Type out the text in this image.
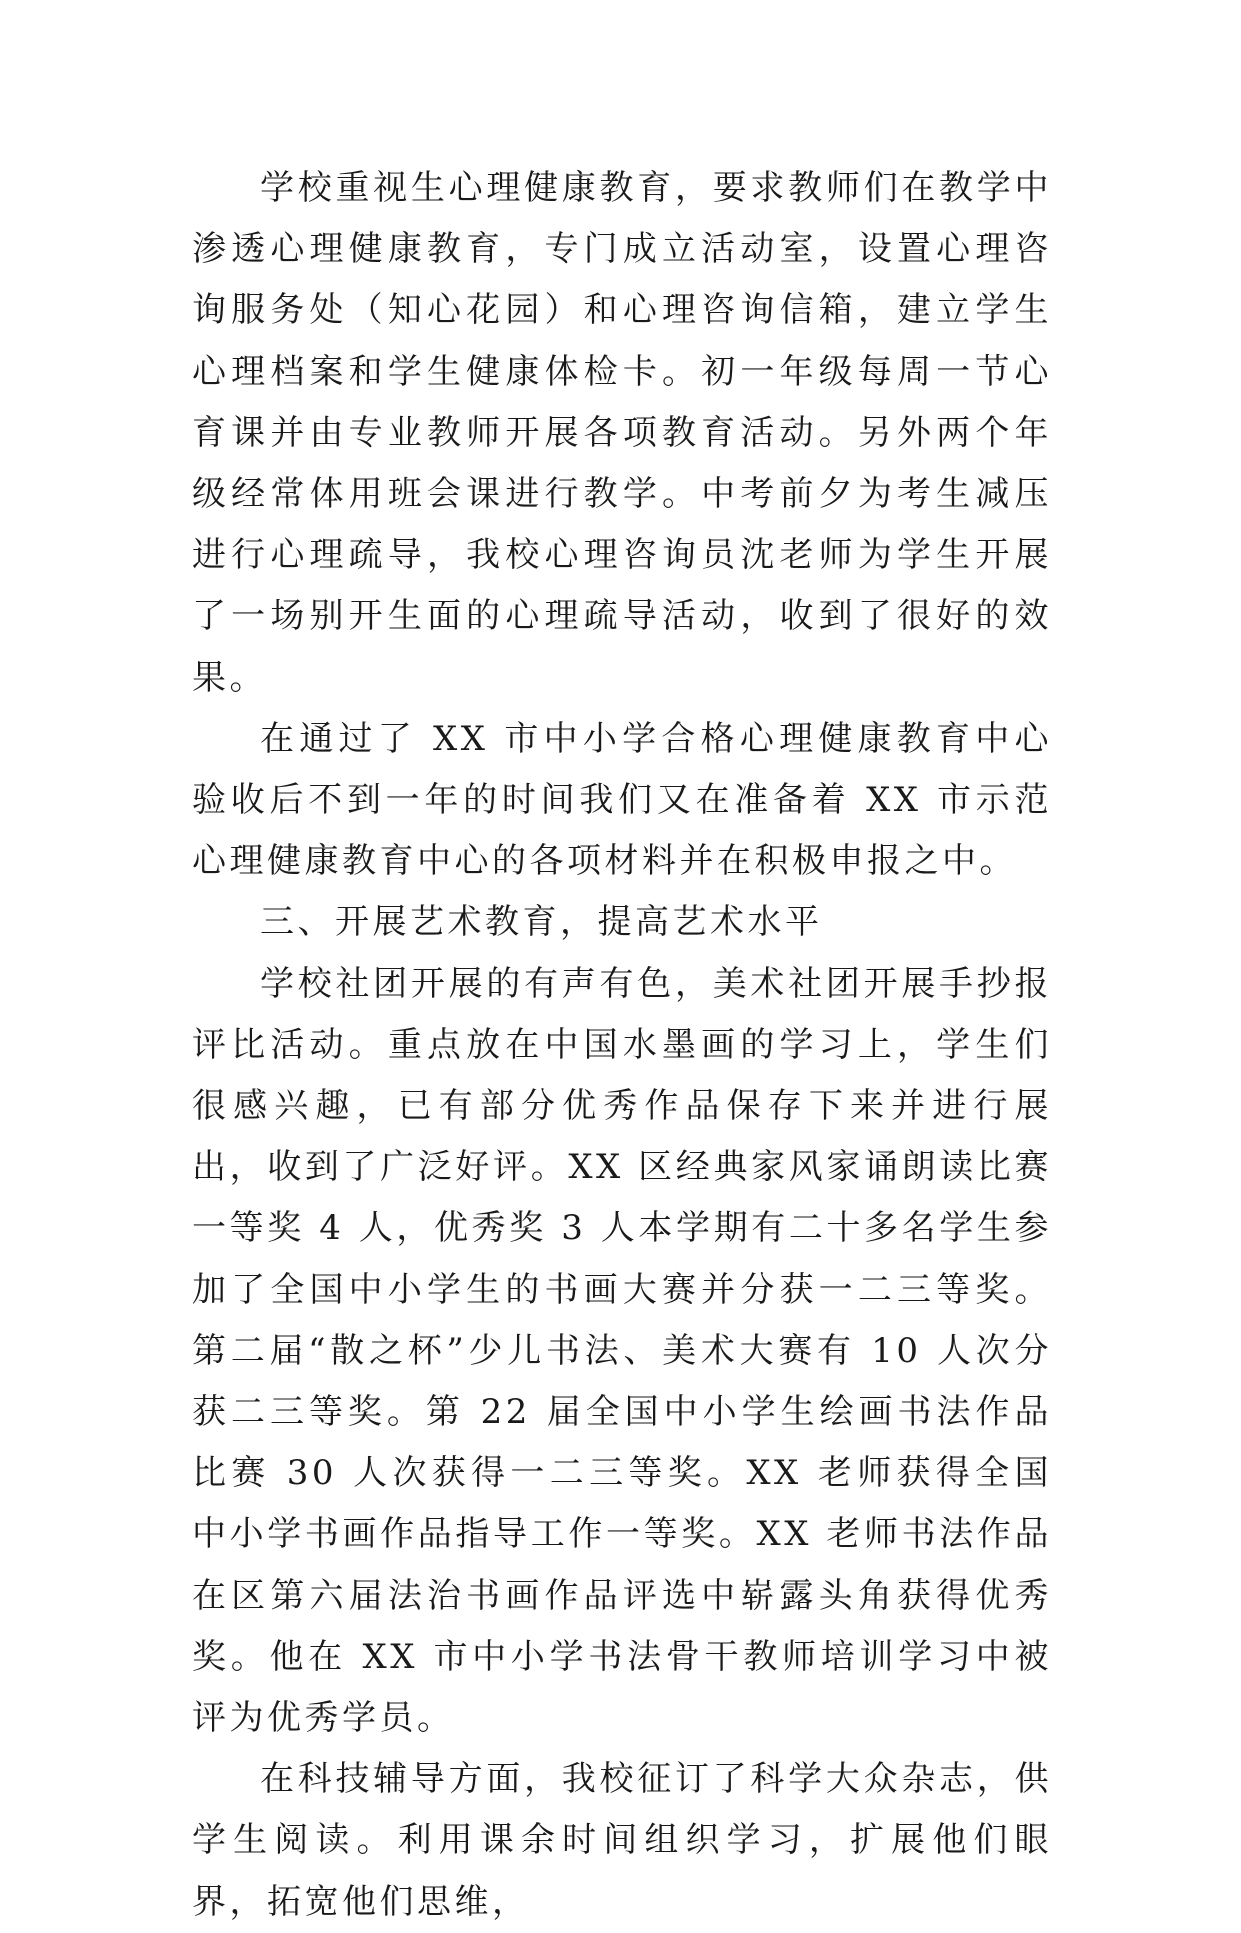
学校重视生心理健康教育，要求教师们在教学中渗透心理健康教育，专门成立活动室，设置心理咨询服务处（知心花园）和心理咨询信箱，建立学生心理档案和学生健康体检卡。初一年级每周一节心育课并由专业教师开展各项教育活动。另外两个年级经常体用班会课进行教学。中考前夕为考生减压进行心理疏导，我校心理咨询员沈老师为学生开展了一场别开生面的心理疏导活动，收到了很好的效果。

在通过了 XX 市中小学合格心理健康教育中心验收后不到一年的时间我们又在准备着 XX 市示范心理健康教育中心的各项材料并在积极申报之中。

三、开展艺术教育，提高艺术水平

学校社团开展的有声有色，美术社团开展手抄报评比活动。重点放在中国水墨画的学习上，学生们很感兴趣，已有部分优秀作品保存下来并进行展出，收到了广泛好评。XX 区经典家风家诵朗读比赛一等奖 4 人，优秀奖 3 人本学期有二十多名学生参加了全国中小学生的书画大赛并分获一二三等奖。第二届“散之杯”少儿书法、美术大赛有 10 人次分获二三等奖。第 22 届全国中小学生绘画书法作品比赛 30 人次获得一二三等奖。XX 老师获得全国中小学书画作品指导工作一等奖。XX 老师书法作品在区第六届法治书画作品评选中崭露头角获得优秀奖。他在 XX 市中小学书法骨干教师培训学习中被评为优秀学员。

在科技辅导方面，我校征订了科学大众杂志，供学生阅读。利用课余时间组织学习，扩展他们眼界，拓宽他们思维，
